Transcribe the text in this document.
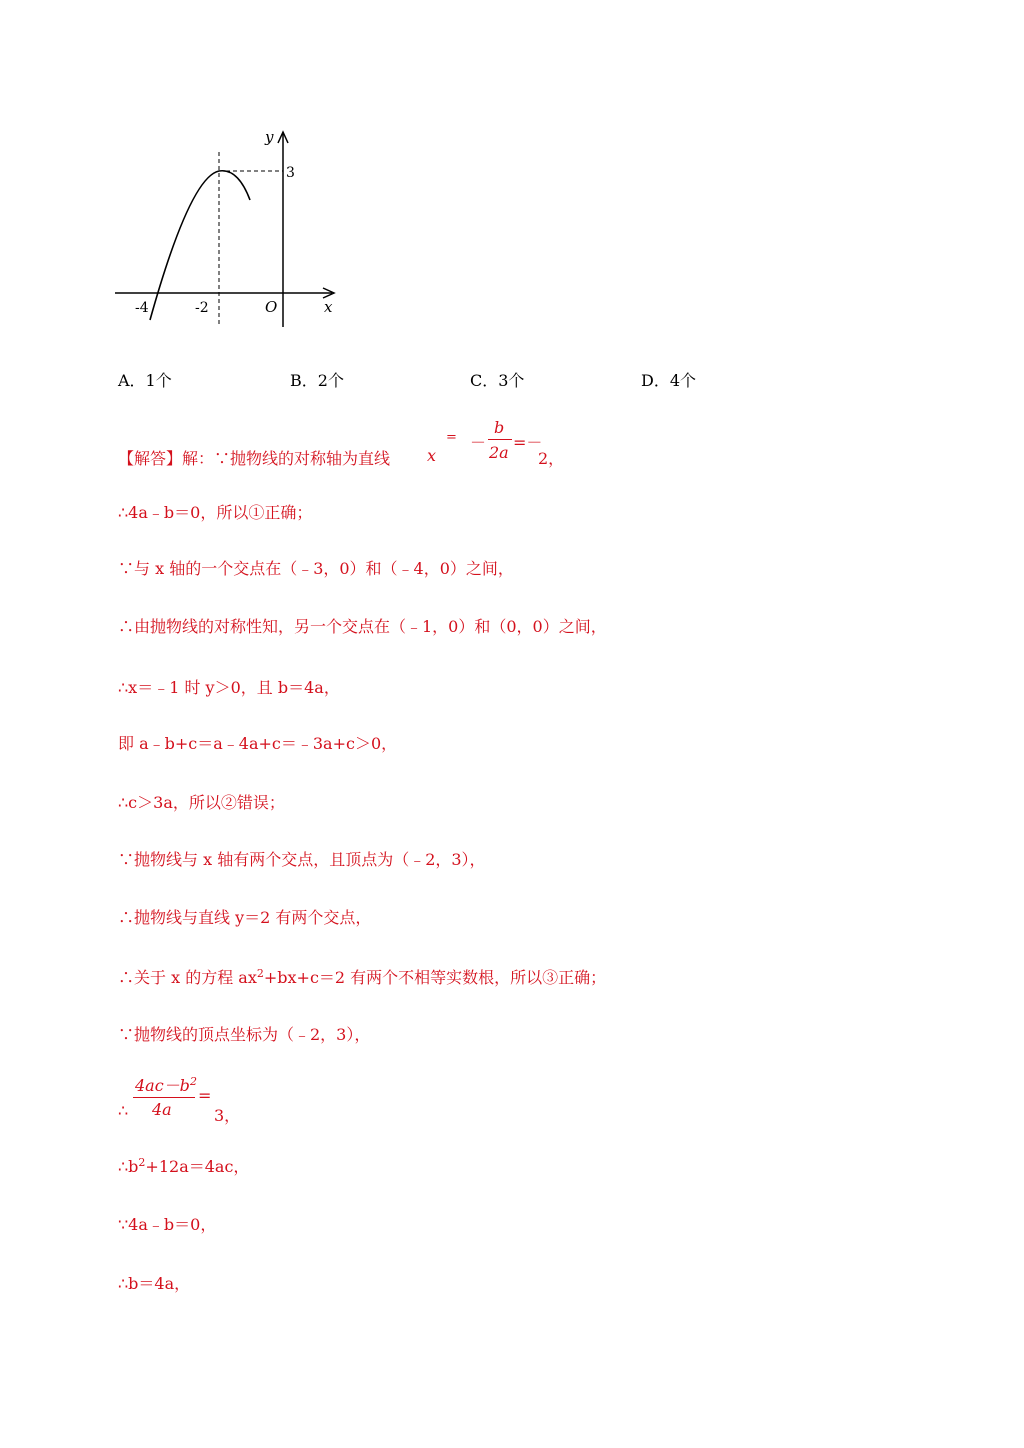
y
x
O
-4	-2
3
A．1个	B．2个	C．3个	D．4个
【解答】解：∵抛物线的对称轴为直线 x
= －
b
2a
=－
2，
∴4a﹣b＝0，所以①正确；
∵与 x 轴的一个交点在（﹣3，0）和（﹣4，0）之间，
∴由抛物线的对称性知，另一个交点在（﹣1，0）和（0，0）之间，
∴x＝﹣1 时 y＞0，且 b＝4a，
即 a﹣b+c＝a﹣4a+c＝﹣3a+c＞0，
∴c＞3a，所以②错误；
∵抛物线与 x 轴有两个交点，且顶点为（﹣2，3），
∴抛物线与直线 y＝2 有两个交点，
∴关于 x 的方程 $ax^2+bx+c=2$ 有两个不相等实数根，所以③正确；
∵抛物线的顶点坐标为（﹣2，3），
∴
$4ac-b^2$
4a
=
3，
$\therefore b^2+12a=4ac$，
∵4a﹣b＝0，
∴b＝4a，
